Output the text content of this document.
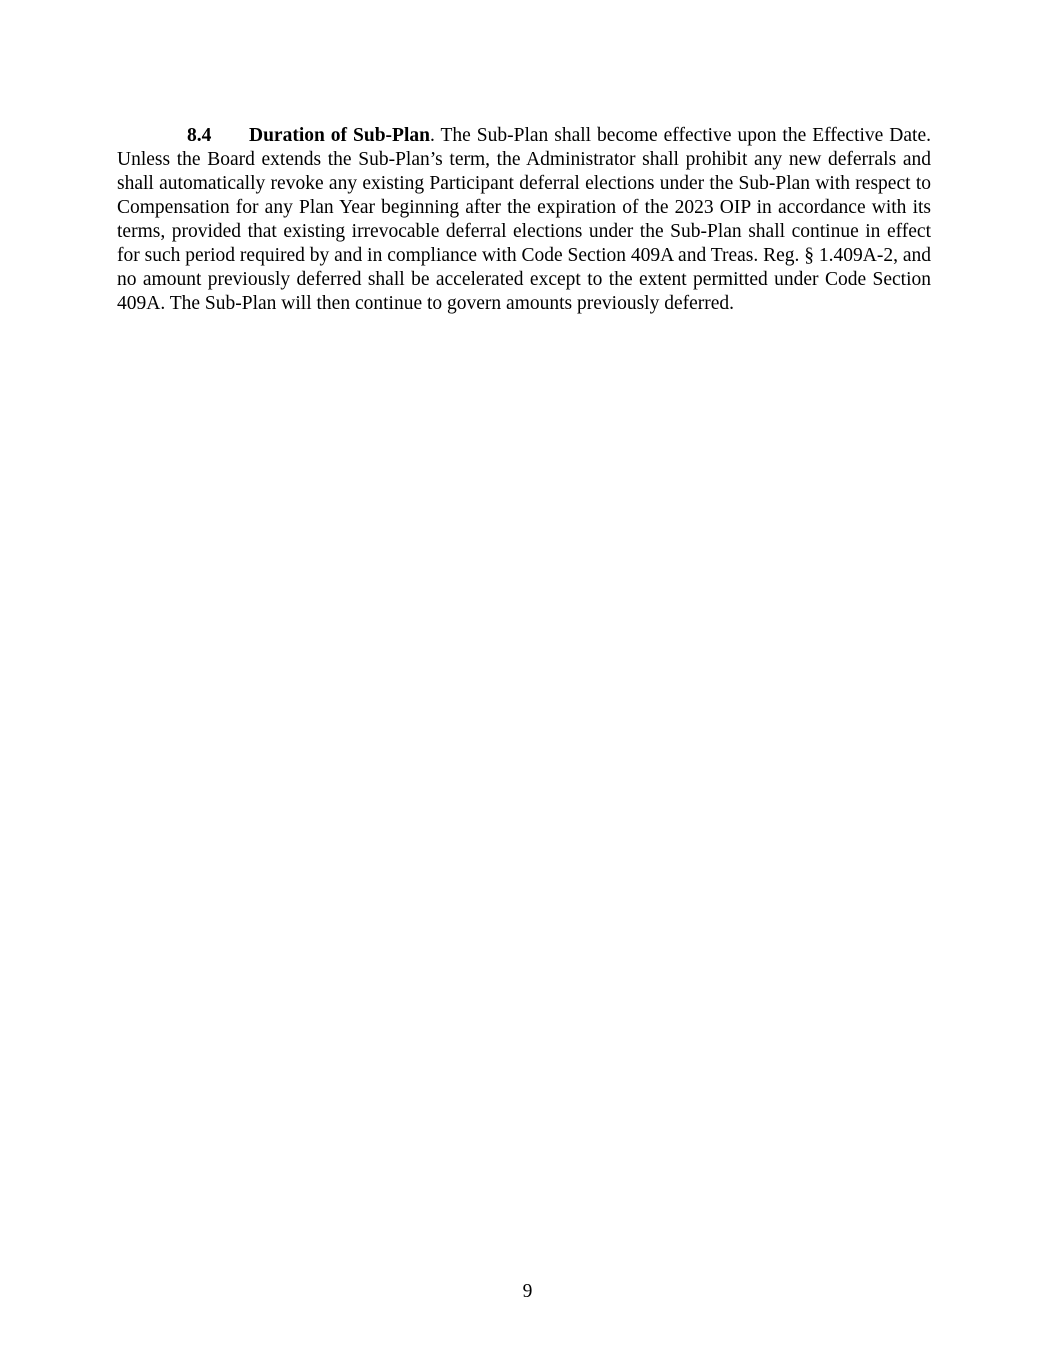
8.4 Duration of Sub-Plan. The Sub-Plan shall become effective upon the Effective Date. Unless the Board extends the Sub-Plan’s term, the Administrator shall prohibit any new deferrals and shall automatically revoke any existing Participant deferral elections under the Sub-Plan with respect to Compensation for any Plan Year beginning after the expiration of the 2023 OIP in accordance with its terms, provided that existing irrevocable deferral elections under the Sub-Plan shall continue in effect for such period required by and in compliance with Code Section 409A and Treas. Reg. § 1.409A-2, and no amount previously deferred shall be accelerated except to the extent permitted under Code Section 409A. The Sub-Plan will then continue to govern amounts previously deferred.

9
